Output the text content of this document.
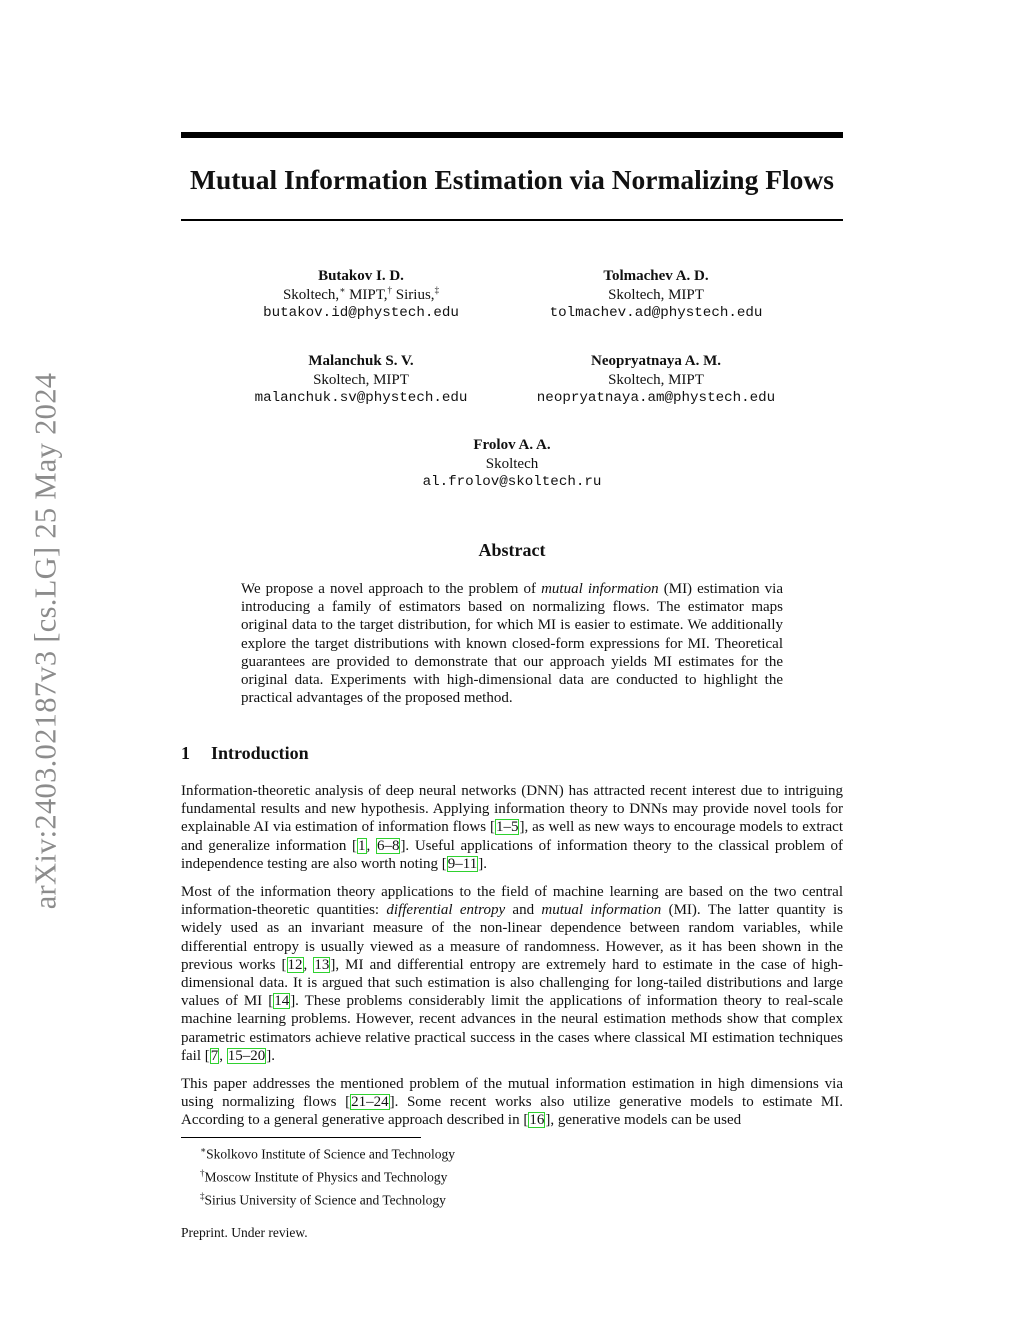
arXiv:2403.02187v3 [cs.LG] 25 May 2024
Mutual Information Estimation via Normalizing Flows
Butakov I. D.
Skoltech,∗ MIPT,† Sirius,‡
butakov.id@phystech.edu
Tolmachev A. D.
Skoltech, MIPT
tolmachev.ad@phystech.edu
Malanchuk S. V.
Skoltech, MIPT
malanchuk.sv@phystech.edu
Neopryatnaya A. M.
Skoltech, MIPT
neopryatnaya.am@phystech.edu
Frolov A. A.
Skoltech
al.frolov@skoltech.ru
Abstract

We propose a novel approach to the problem of mutual information (MI) estimation via introducing a family of estimators based on normalizing flows. The estimator maps original data to the target distribution, for which MI is easier to estimate. We additionally explore the target distributions with known closed-form expressions for MI. Theoretical guarantees are provided to demonstrate that our approach yields MI estimates for the original data. Experiments with high-dimensional data are conducted to highlight the practical advantages of the proposed method.

1 Introduction

Information-theoretic analysis of deep neural networks (DNN) has attracted recent interest due to intriguing fundamental results and new hypothesis. Applying information theory to DNNs may provide novel tools for explainable AI via estimation of information flows [1–5], as well as new ways to encourage models to extract and generalize information [1, 6–8]. Useful applications of information theory to the classical problem of independence testing are also worth noting [9–11].

Most of the information theory applications to the field of machine learning are based on the two central information-theoretic quantities: differential entropy and mutual information (MI). The latter quantity is widely used as an invariant measure of the non-linear dependence between random variables, while differential entropy is usually viewed as a measure of randomness. However, as it has been shown in the previous works [12, 13], MI and differential entropy are extremely hard to estimate in the case of high-dimensional data. It is argued that such estimation is also challenging for long-tailed distributions and large values of MI [14]. These problems considerably limit the applications of information theory to real-scale machine learning problems. However, recent advances in the neural estimation methods show that complex parametric estimators achieve relative practical success in the cases where classical MI estimation techniques fail [7, 15–20].

This paper addresses the mentioned problem of the mutual information estimation in high dimensions via using normalizing flows [21–24]. Some recent works also utilize generative models to estimate MI. According to a general generative approach described in [16], generative models can be used

∗Skolkovo Institute of Science and Technology
†Moscow Institute of Physics and Technology
‡Sirius University of Science and Technology
Preprint. Under review.
